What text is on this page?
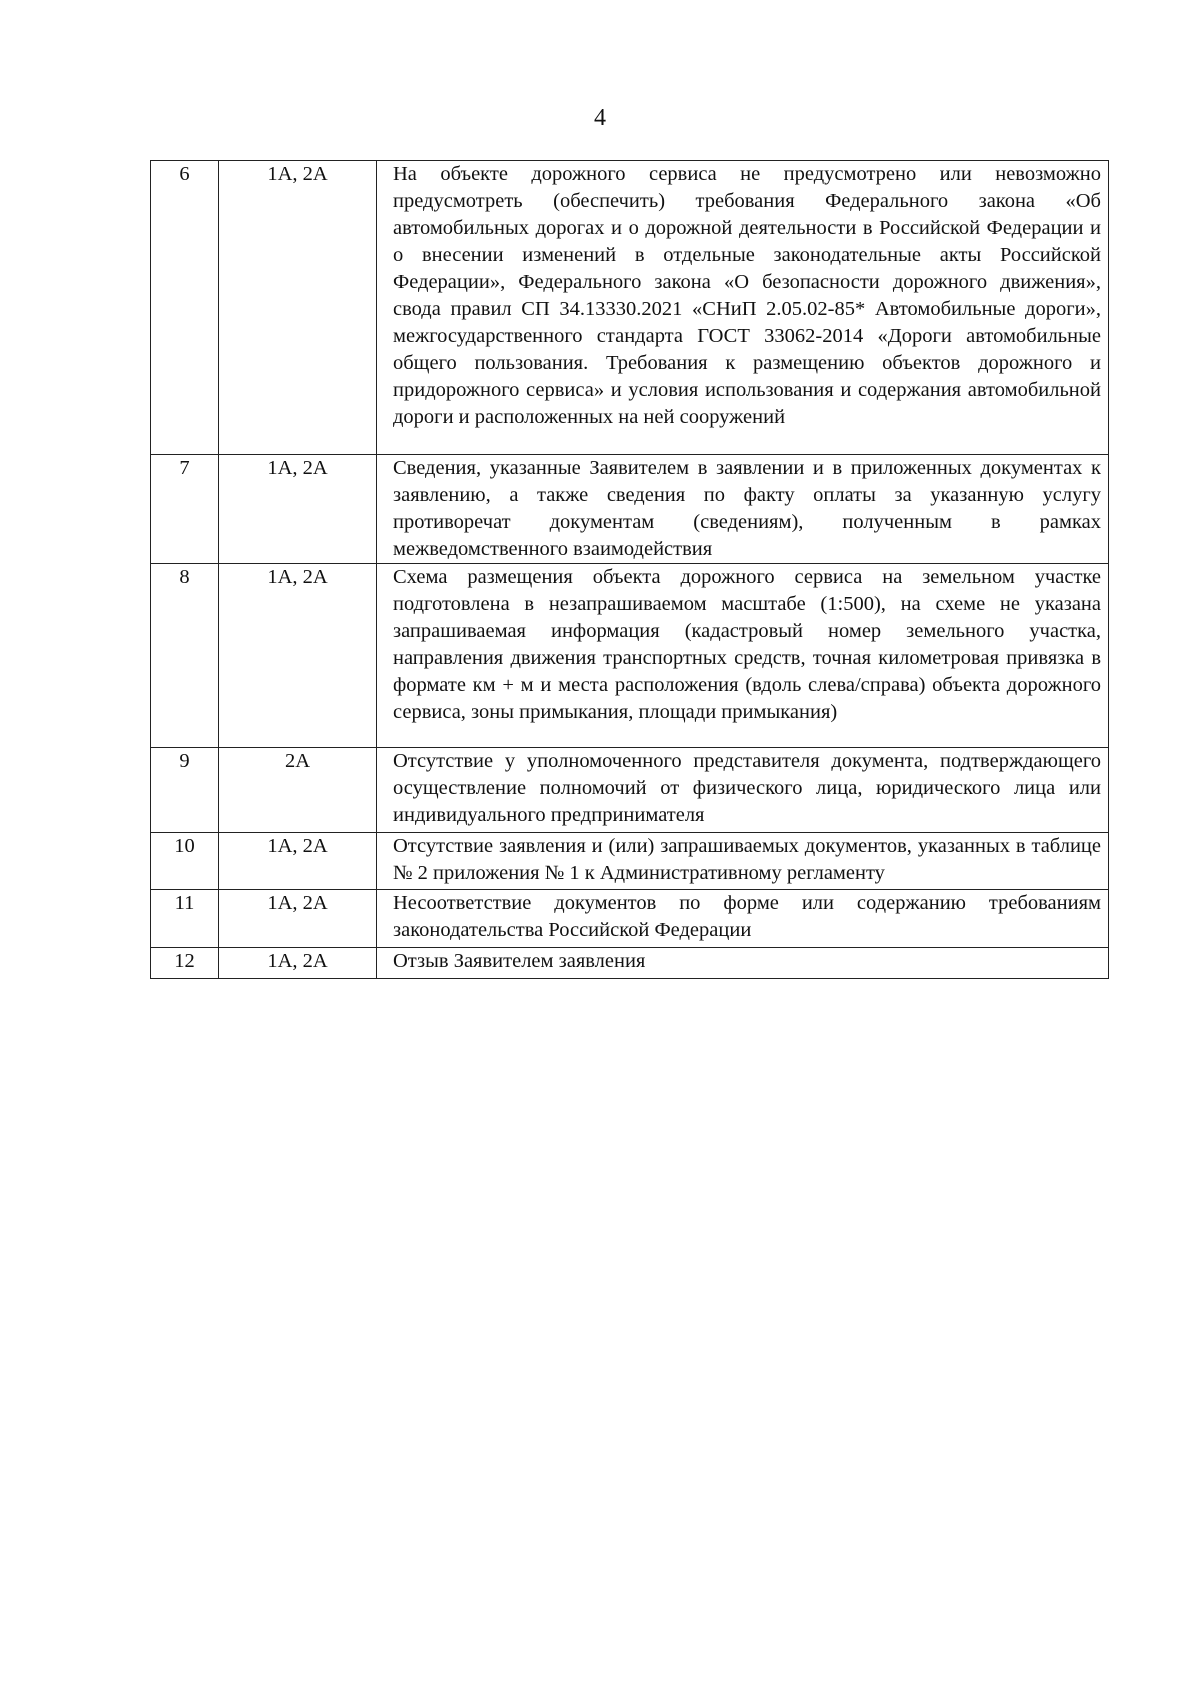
4
6	1А, 2А	На объекте дорожного сервиса не предусмотрено или невозможно предусмотреть (обеспечить) требования Федерального закона «Об автомобильных дорогах и о дорожной деятельности в Российской Федерации и о внесении изменений в отдельные законодательные акты Российской Федерации», Федерального закона «О безопасности дорожного движения», свода правил СП 34.13330.2021 «СНиП 2.05.02-85* Автомобильные дороги», межгосударственного стандарта ГОСТ 33062-2014 «Дороги автомобильные общего пользования. Требования к размещению объектов дорожного и придорожного сервиса» и условия использования и содержания автомобильной дороги и расположенных на ней сооружений
7	1А, 2А	Сведения, указанные Заявителем в заявлении и в приложенных документах к заявлению, а также сведения по факту оплаты за указанную услугу противоречат документам (сведениям), полученным в рамках межведомственного взаимодействия
8	1А, 2А	Схема размещения объекта дорожного сервиса на земельном участке подготовлена в незапрашиваемом масштабе (1:500), на схеме не указана запрашиваемая информация (кадастровый номер земельного участка, направления движения транспортных средств, точная километровая привязка в формате км + м и места расположения (вдоль слева/справа) объекта дорожного сервиса, зоны примыкания, площади примыкания)
9	2А	Отсутствие у уполномоченного представителя документа, подтверждающего осуществление полномочий от физического лица, юридического лица или индивидуального предпринимателя

10	1А, 2А	Отсутствие заявления и (или) запрашиваемых документов, указанных в таблице № 2 приложения № 1 к Административному регламенту
11	1А, 2А	Несоответствие документов по форме или содержанию требованиям законодательства Российской Федерации
12	1А, 2А	Отзыв Заявителем заявления
